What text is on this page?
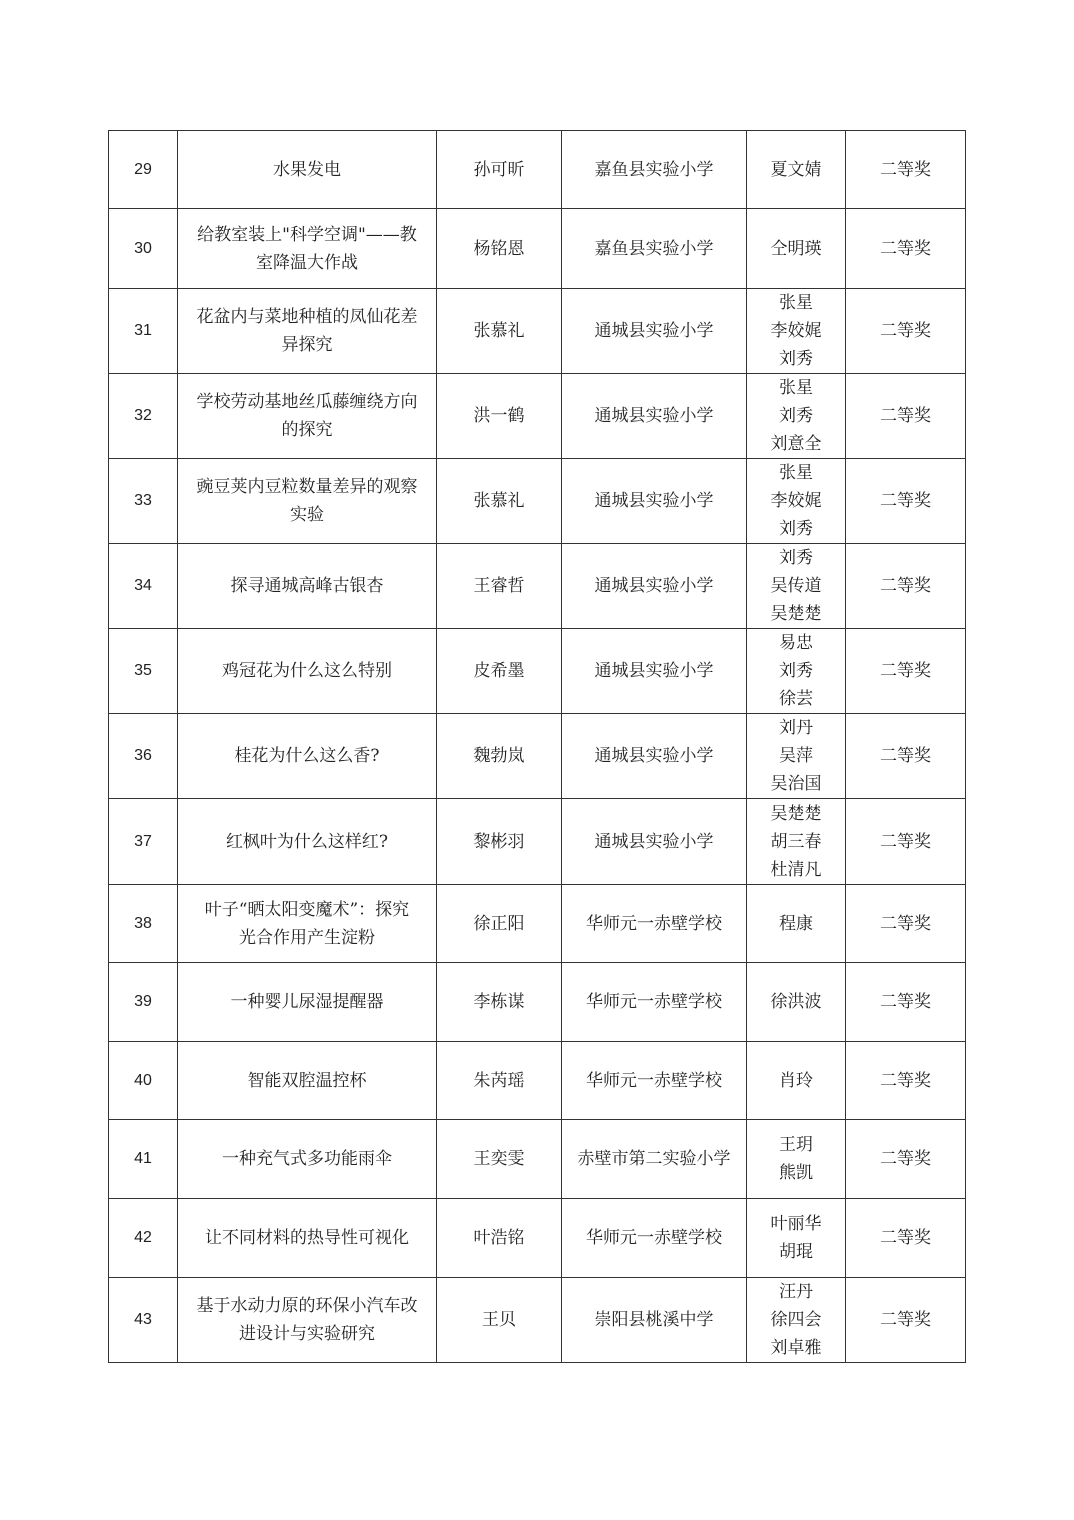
29	水果发电	孙可昕	嘉鱼县实验小学	夏文婧	二等奖
30	给教室装上"科学空调"——教
室降温大作战	杨铭恩	嘉鱼县实验小学	仝明瑛	二等奖
31	花盆内与菜地种植的凤仙花差
异探究	张慕礼	通城县实验小学	张星
李姣娓
刘秀	二等奖
32	学校劳动基地丝瓜藤缠绕方向
的探究	洪一鹤	通城县实验小学	张星
刘秀
刘意全	二等奖
33	豌豆荚内豆粒数量差异的观察
实验	张慕礼	通城县实验小学	张星
李姣娓
刘秀	二等奖
34	探寻通城高峰古银杏	王睿哲	通城县实验小学	刘秀
吴传道
吴楚楚	二等奖
35	鸡冠花为什么这么特别	皮希墨	通城县实验小学	易忠
刘秀
徐芸	二等奖
36	桂花为什么这么香?	魏勃岚	通城县实验小学	刘丹
吴萍
吴治国	二等奖
37	红枫叶为什么这样红?	黎彬羽	通城县实验小学	吴楚楚
胡三春
杜清凡	二等奖
38	叶子“晒太阳变魔术”：探究
光合作用产生淀粉	徐正阳	华师元一赤壁学校	程康	二等奖
39	一种婴儿尿湿提醒器	李栋谋	华师元一赤壁学校	徐洪波	二等奖
40	智能双腔温控杯	朱芮瑶	华师元一赤壁学校	肖玲	二等奖
41	一种充气式多功能雨伞	王奕雯	赤壁市第二实验小学	王玥
熊凯	二等奖
42	让不同材料的热导性可视化	叶浩铭	华师元一赤壁学校	叶丽华
胡琨	二等奖
43	基于水动力原的环保小汽车改
进设计与实验研究	王贝	崇阳县桃溪中学	汪丹
徐四会
刘卓雅	二等奖
